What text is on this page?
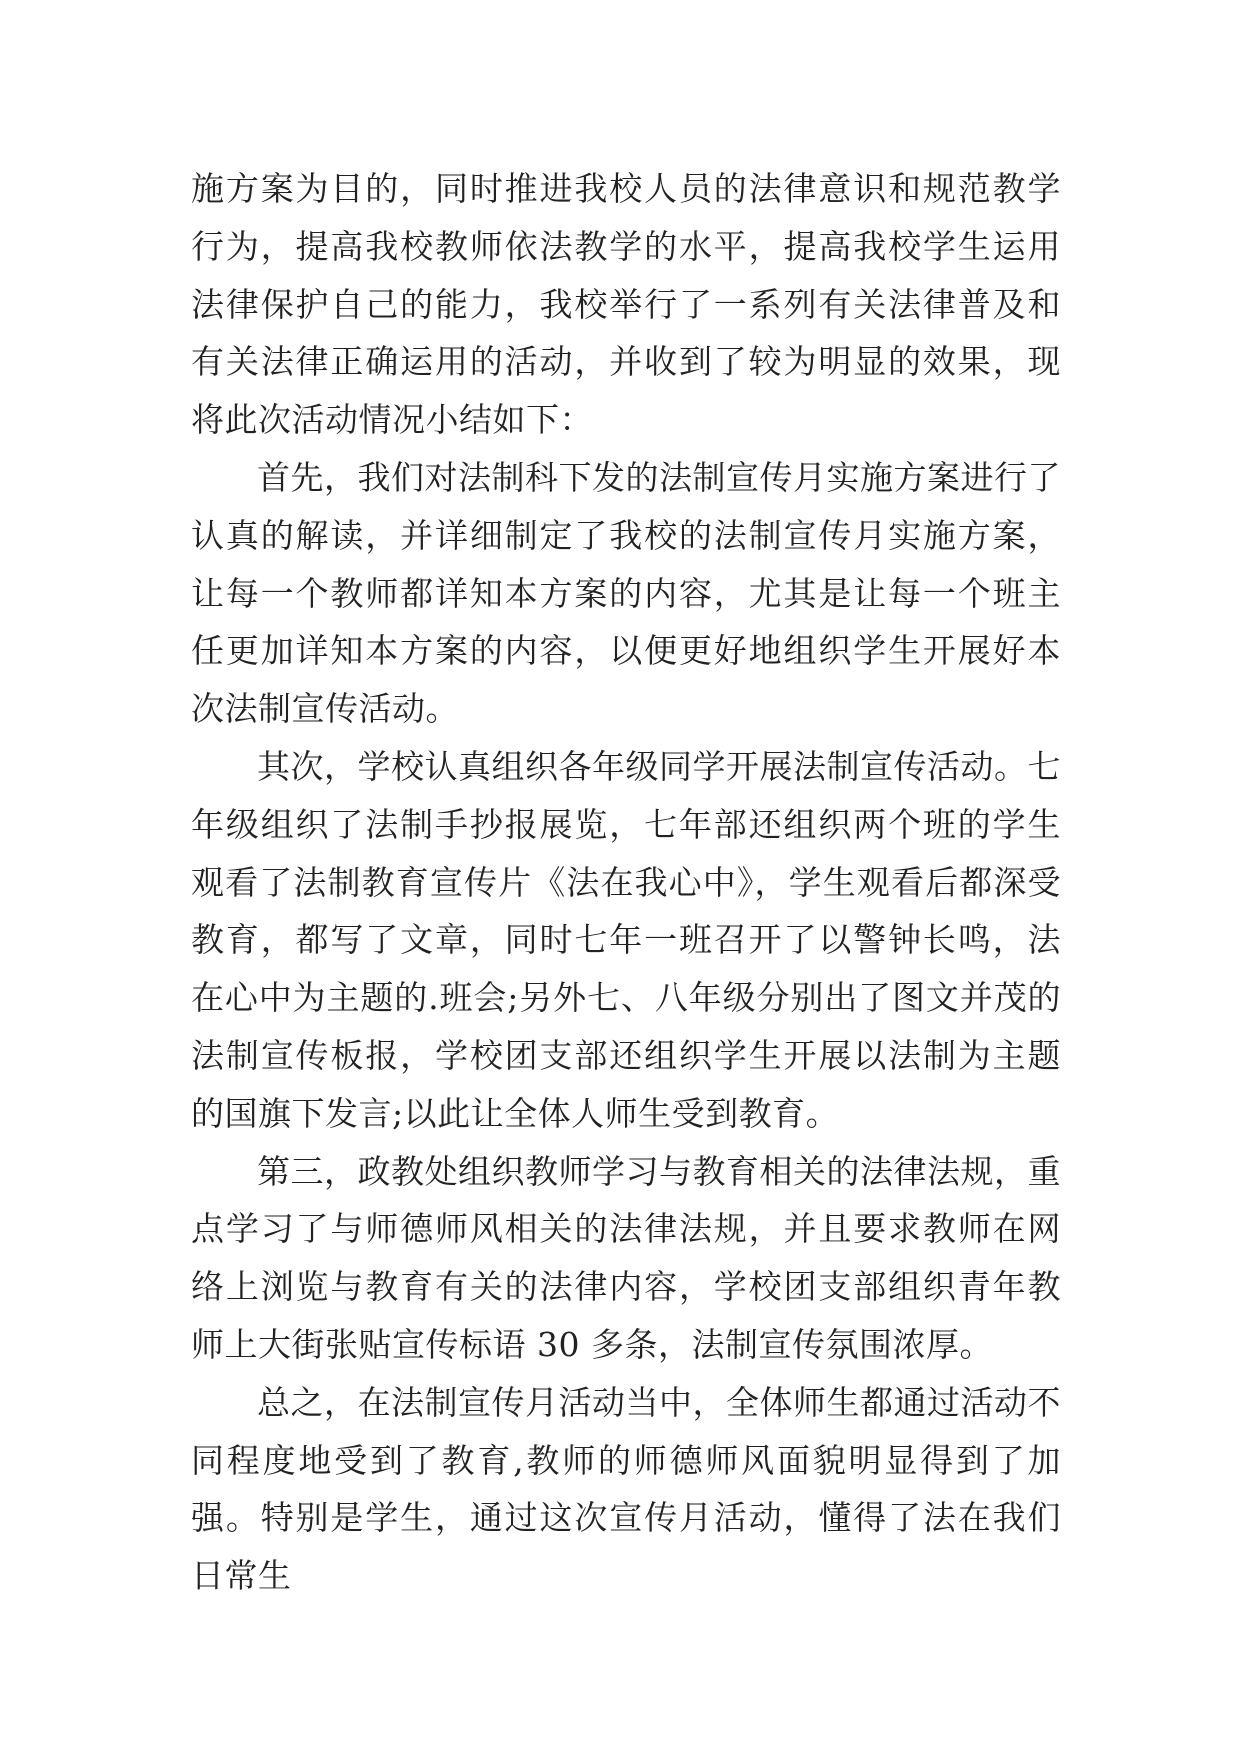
施方案为目的，同时推进我校人员的法律意识和规范教学行为，提高我校教师依法教学的水平，提高我校学生运用法律保护自己的能力，我校举行了一系列有关法律普及和有关法律正确运用的活动，并收到了较为明显的效果，现将此次活动情况小结如下：

首先，我们对法制科下发的法制宣传月实施方案进行了认真的解读，并详细制定了我校的法制宣传月实施方案，让每一个教师都详知本方案的内容，尤其是让每一个班主任更加详知本方案的内容，以便更好地组织学生开展好本次法制宣传活动。

其次，学校认真组织各年级同学开展法制宣传活动。七年级组织了法制手抄报展览，七年部还组织两个班的学生观看了法制教育宣传片《法在我心中》，学生观看后都深受教育，都写了文章，同时七年一班召开了以警钟长鸣，法在心中为主题的.班会;另外七、八年级分别出了图文并茂的法制宣传板报，学校团支部还组织学生开展以法制为主题的国旗下发言;以此让全体人师生受到教育。

第三，政教处组织教师学习与教育相关的法律法规，重点学习了与师德师风相关的法律法规，并且要求教师在网络上浏览与教育有关的法律内容，学校团支部组织青年教师上大街张贴宣传标语 30 多条，法制宣传氛围浓厚。

总之，在法制宣传月活动当中，全体师生都通过活动不同程度地受到了教育,教师的师德师风面貌明显得到了加强。特别是学生，通过这次宣传月活动，懂得了法在我们日常生
